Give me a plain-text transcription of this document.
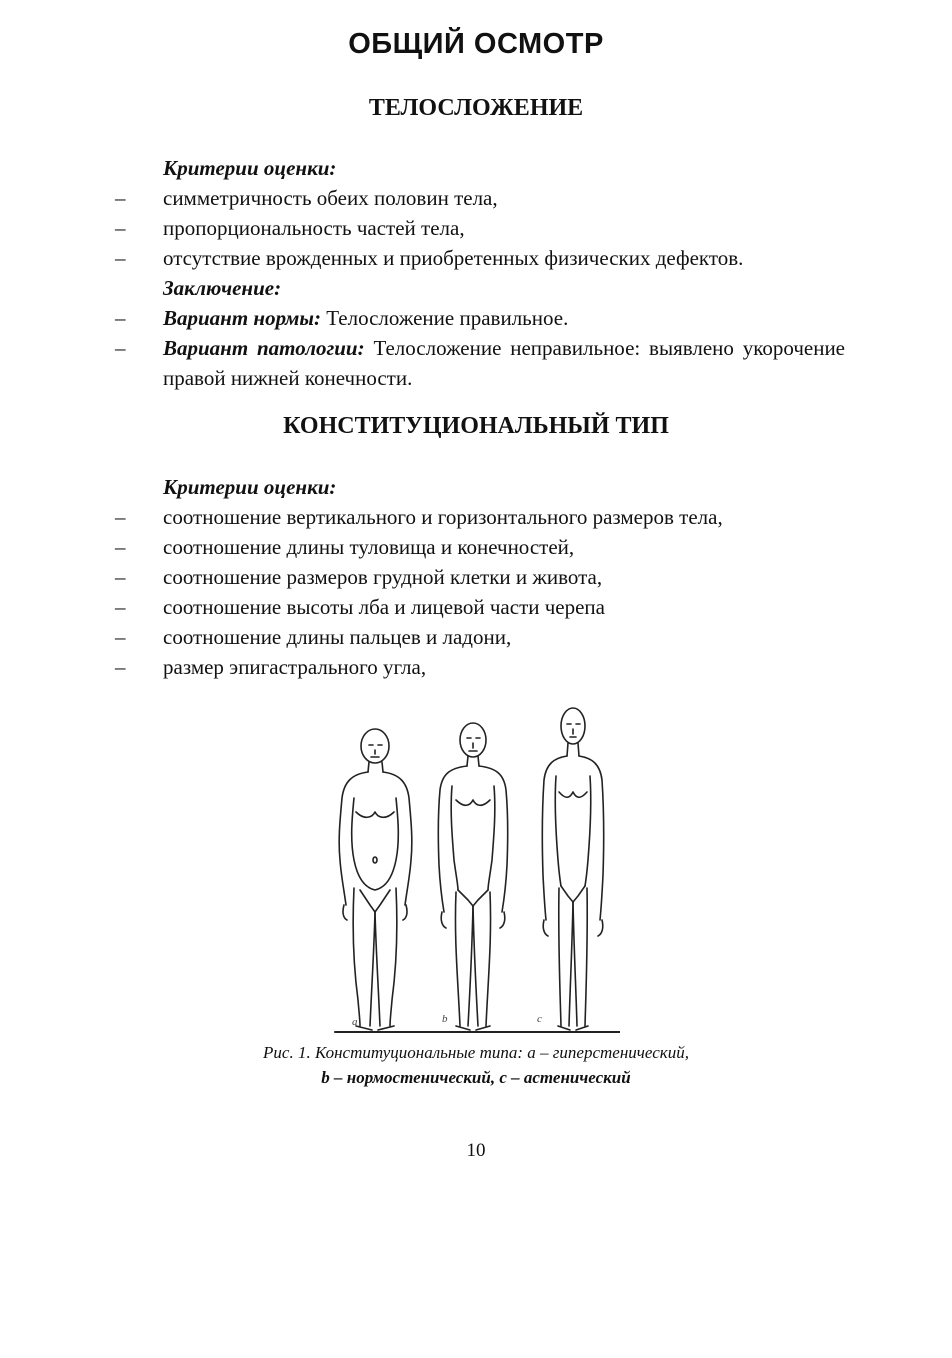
ОБЩИЙ ОСМОТР
ТЕЛОСЛОЖЕНИЕ
Критерии оценки:
– симметричность обеих половин тела,
– пропорциональность частей тела,
– отсутствие врожденных и приобретенных физических дефектов.
Заключение:
– Вариант нормы: Телосложение правильное.
– Вариант патологии: Телосложение неправильное: выявлено укорочение правой нижней конечности.
КОНСТИТУЦИОНАЛЬНЫЙ ТИП
Критерии оценки:
– соотношение вертикального и горизонтального размеров тела,
– соотношение длины туловища и конечностей,
– соотношение размеров грудной клетки и живота,
– соотношение высоты лба и лицевой части черепа
– соотношение длины пальцев и ладони,
– размер эпигастрального угла,
a	b	c
Рис. 1. Конституциональные типа: а – гиперстенический,
b – нормостенический, с – астенический
10
